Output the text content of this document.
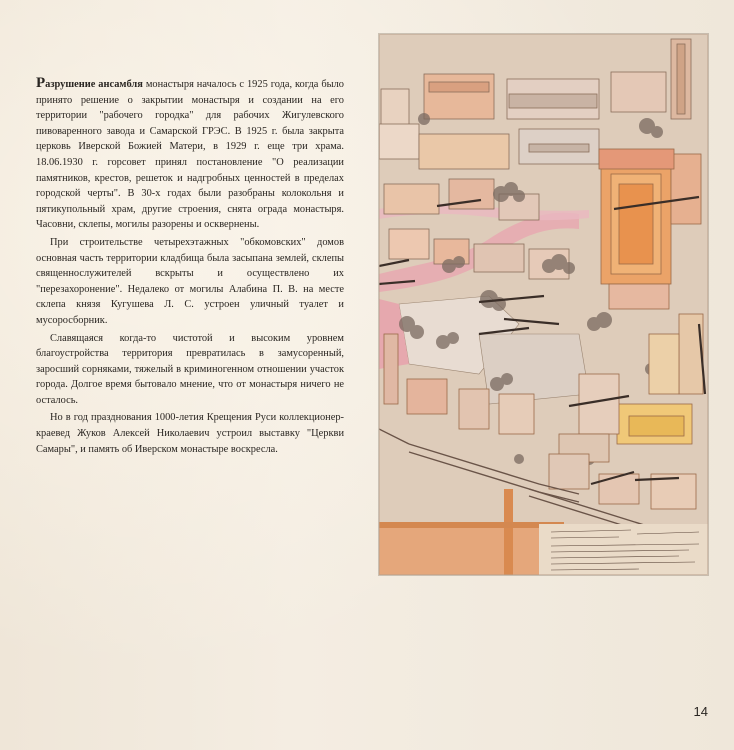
Разрушение ансамбля монастыря началось с 1925 года, когда было принято решение о закрытии монастыря и создании на его территории "рабочего городка" для рабочих Жигулевского пивоваренного завода и Самарской ГРЭС. В 1925 г. была закрыта церковь Иверской Божией Матери, в 1929 г. еще три храма. 18.06.1930 г. горсовет принял постановление "О реализации памятников, крестов, решеток и надгробных ценностей в пределах городской черты". В 30-х годах были разобраны колокольня и пятикупольный храм, другие строения, снята ограда монастыря. Часовни, склепы, могилы разорены и осквернены.

При строительстве четырехэтажных "обкомовских" домов основная часть территории кладбища была засыпана землей, склепы священнослужителей вскрыты и осуществлено их "перезахоронение". Недалеко от могилы Алабина П. В. на месте склепа князя Кугушева Л. С. устроен уличный туалет и мусоросборник.

Славящаяся когда-то чистотой и высоким уровнем благоустройства территория превратилась в замусоренный, заросший сорняками, тяжелый в криминогенном отношении участок города. Долгое время бытовало мнение, что от монастыря ничего не осталось.

Но в год празднования 1000-летия Крещения Руси коллекционер-краевед Жуков Алексей Николаевич устроил выставку "Церкви Самары", и память об Иверском монастыре воскресла.

14
